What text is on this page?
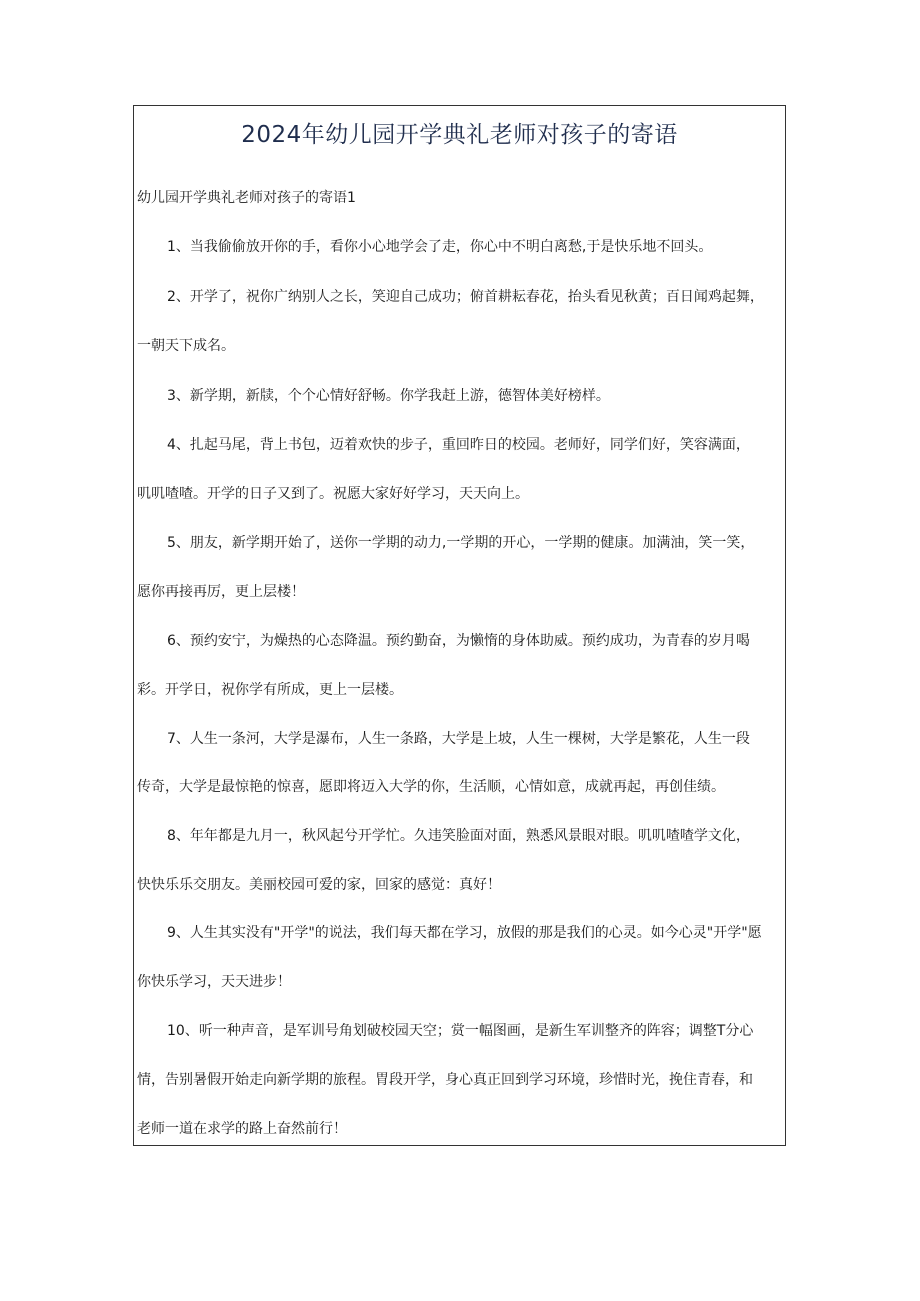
2024年幼儿园开学典礼老师对孩子的寄语
幼儿园开学典礼老师对孩子的寄语1
1、当我偷偷放开你的手，看你小心地学会了走，你心中不明白离愁,于是快乐地不回头。
2、开学了，祝你广纳别人之长，笑迎自己成功；俯首耕耘春花，抬头看见秋黄；百日闻鸡起舞，
一朝天下成名。
3、新学期，新牍，个个心情好舒畅。你学我赶上游，德智体美好榜样。
4、扎起马尾，背上书包，迈着欢快的步子，重回昨日的校园。老师好，同学们好，笑容满面，
叽叽喳喳。开学的日子又到了。祝愿大家好好学习，天天向上。
5、朋友，新学期开始了，送你一学期的动力,一学期的开心，一学期的健康。加满油，笑一笑，
愿你再接再厉，更上层楼！
6、预约安宁，为燥热的心态降温。预约勤奋，为懒惰的身体助威。预约成功，为青春的岁月喝
彩。开学日，祝你学有所成，更上一层楼。
7、人生一条河，大学是瀑布，人生一条路，大学是上坡，人生一棵树，大学是繁花，人生一段
传奇，大学是最惊艳的惊喜，愿即将迈入大学的你，生活顺，心情如意，成就再起，再创佳绩。
8、年年都是九月一，秋风起兮开学忙。久违笑脸面对面，熟悉风景眼对眼。叽叽喳喳学文化，
快快乐乐交朋友。美丽校园可爱的家，回家的感觉：真好！
9、人生其实没有"开学"的说法，我们每天都在学习，放假的那是我们的心灵。如今心灵"开学"愿
你快乐学习，天天进步！
10、听一种声音，是军训号角划破校园天空；赏一幅图画，是新生军训整齐的阵容；调整T分心
情，告别暑假开始走向新学期的旅程。胃段开学，身心真正回到学习环境，珍惜时光，挽住青春，和
老师一道在求学的路上奋然前行！
